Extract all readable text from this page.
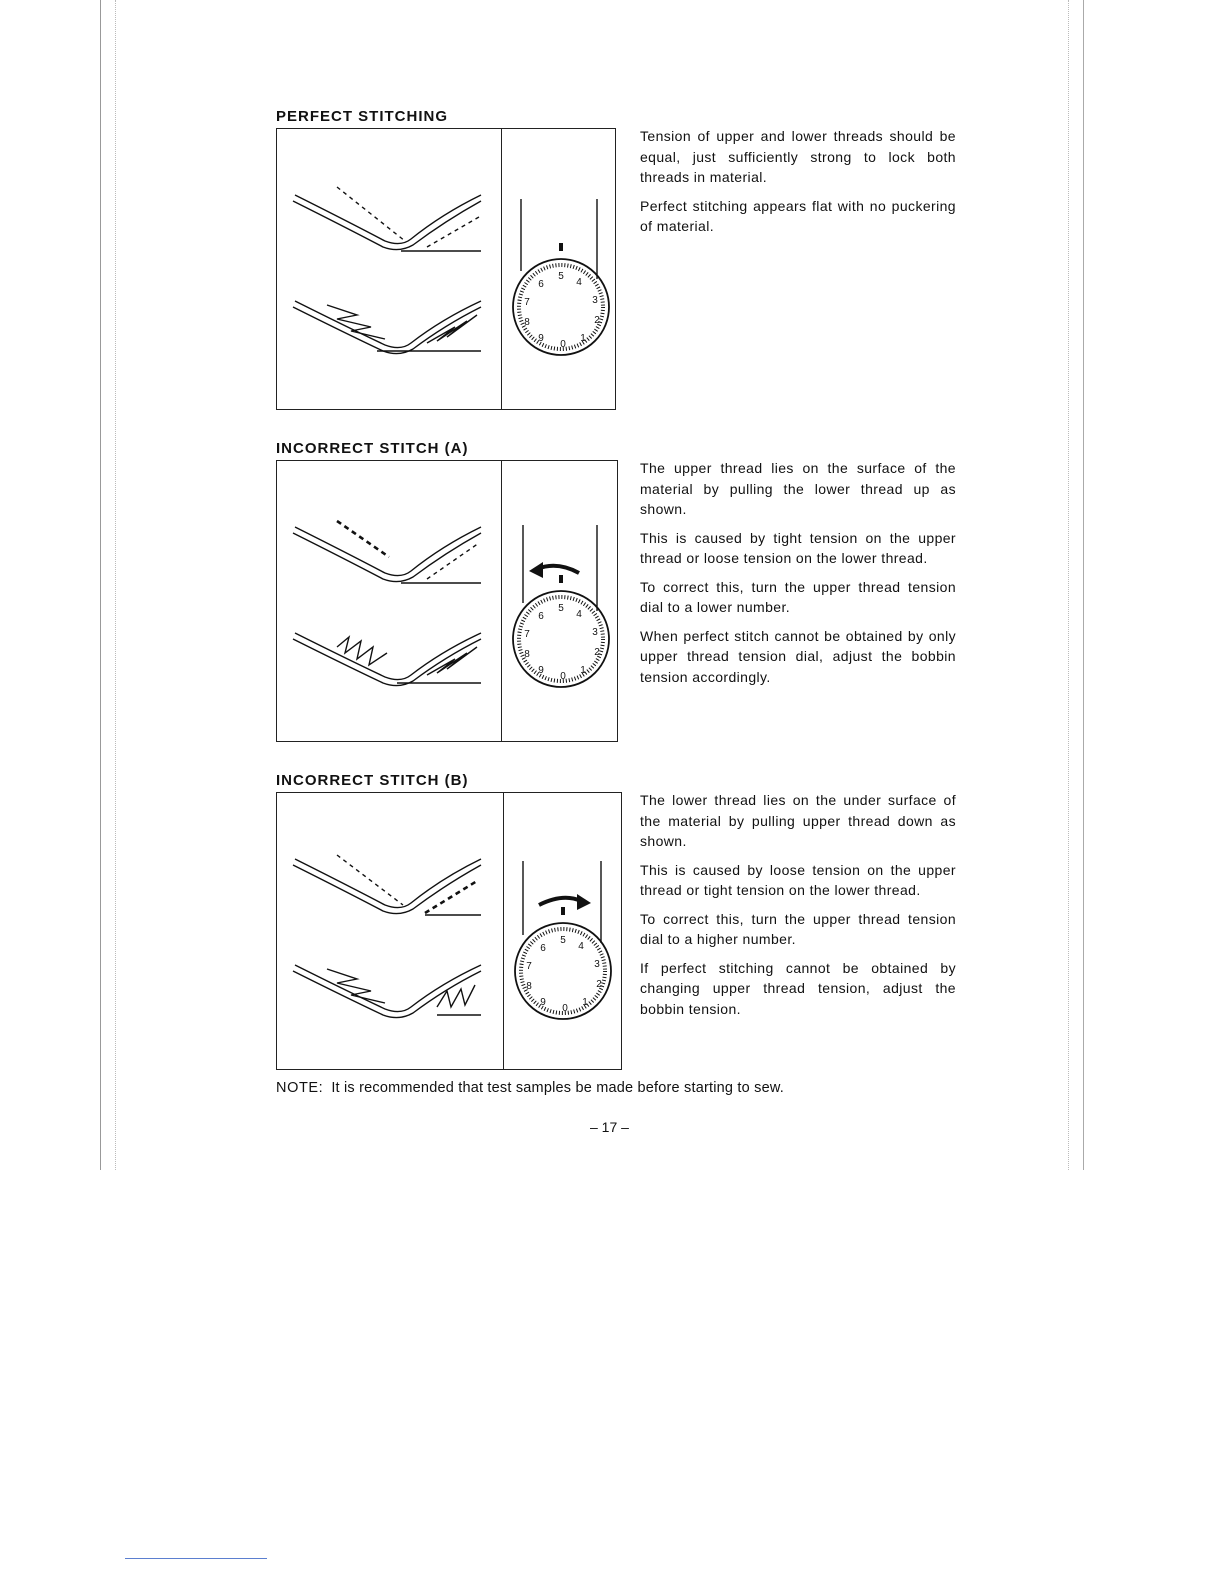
PERFECT STITCHING
5
4
3
2
1
0
9
8
7
6

Tension of upper and lower threads should be equal, just sufficiently strong to lock both threads in material.

Perfect stitching appears flat with no puckering of material.

INCORRECT STITCH (A)
5
4
3
2
1
0
9
8
7
6

The upper thread lies on the surface of the material by pulling the lower thread up as shown.

This is caused by tight tension on the upper thread or loose tension on the lower thread.

To correct this, turn the upper thread tension dial to a lower number.

When perfect stitch cannot be obtained by only upper thread tension dial, adjust the bobbin tension accordingly.

INCORRECT STITCH (B)
5
4
3
2
1
0
9
8
7
6

The lower thread lies on the under surface of the material by pulling upper thread down as shown.

This is caused by loose tension on the upper thread or tight tension on the lower thread.

To correct this, turn the upper thread tension dial to a higher number.

If perfect stitching cannot be obtained by changing upper thread tension, adjust the bobbin tension.

NOTE: It is recommended that test samples be made before starting to sew.
– 17 –
